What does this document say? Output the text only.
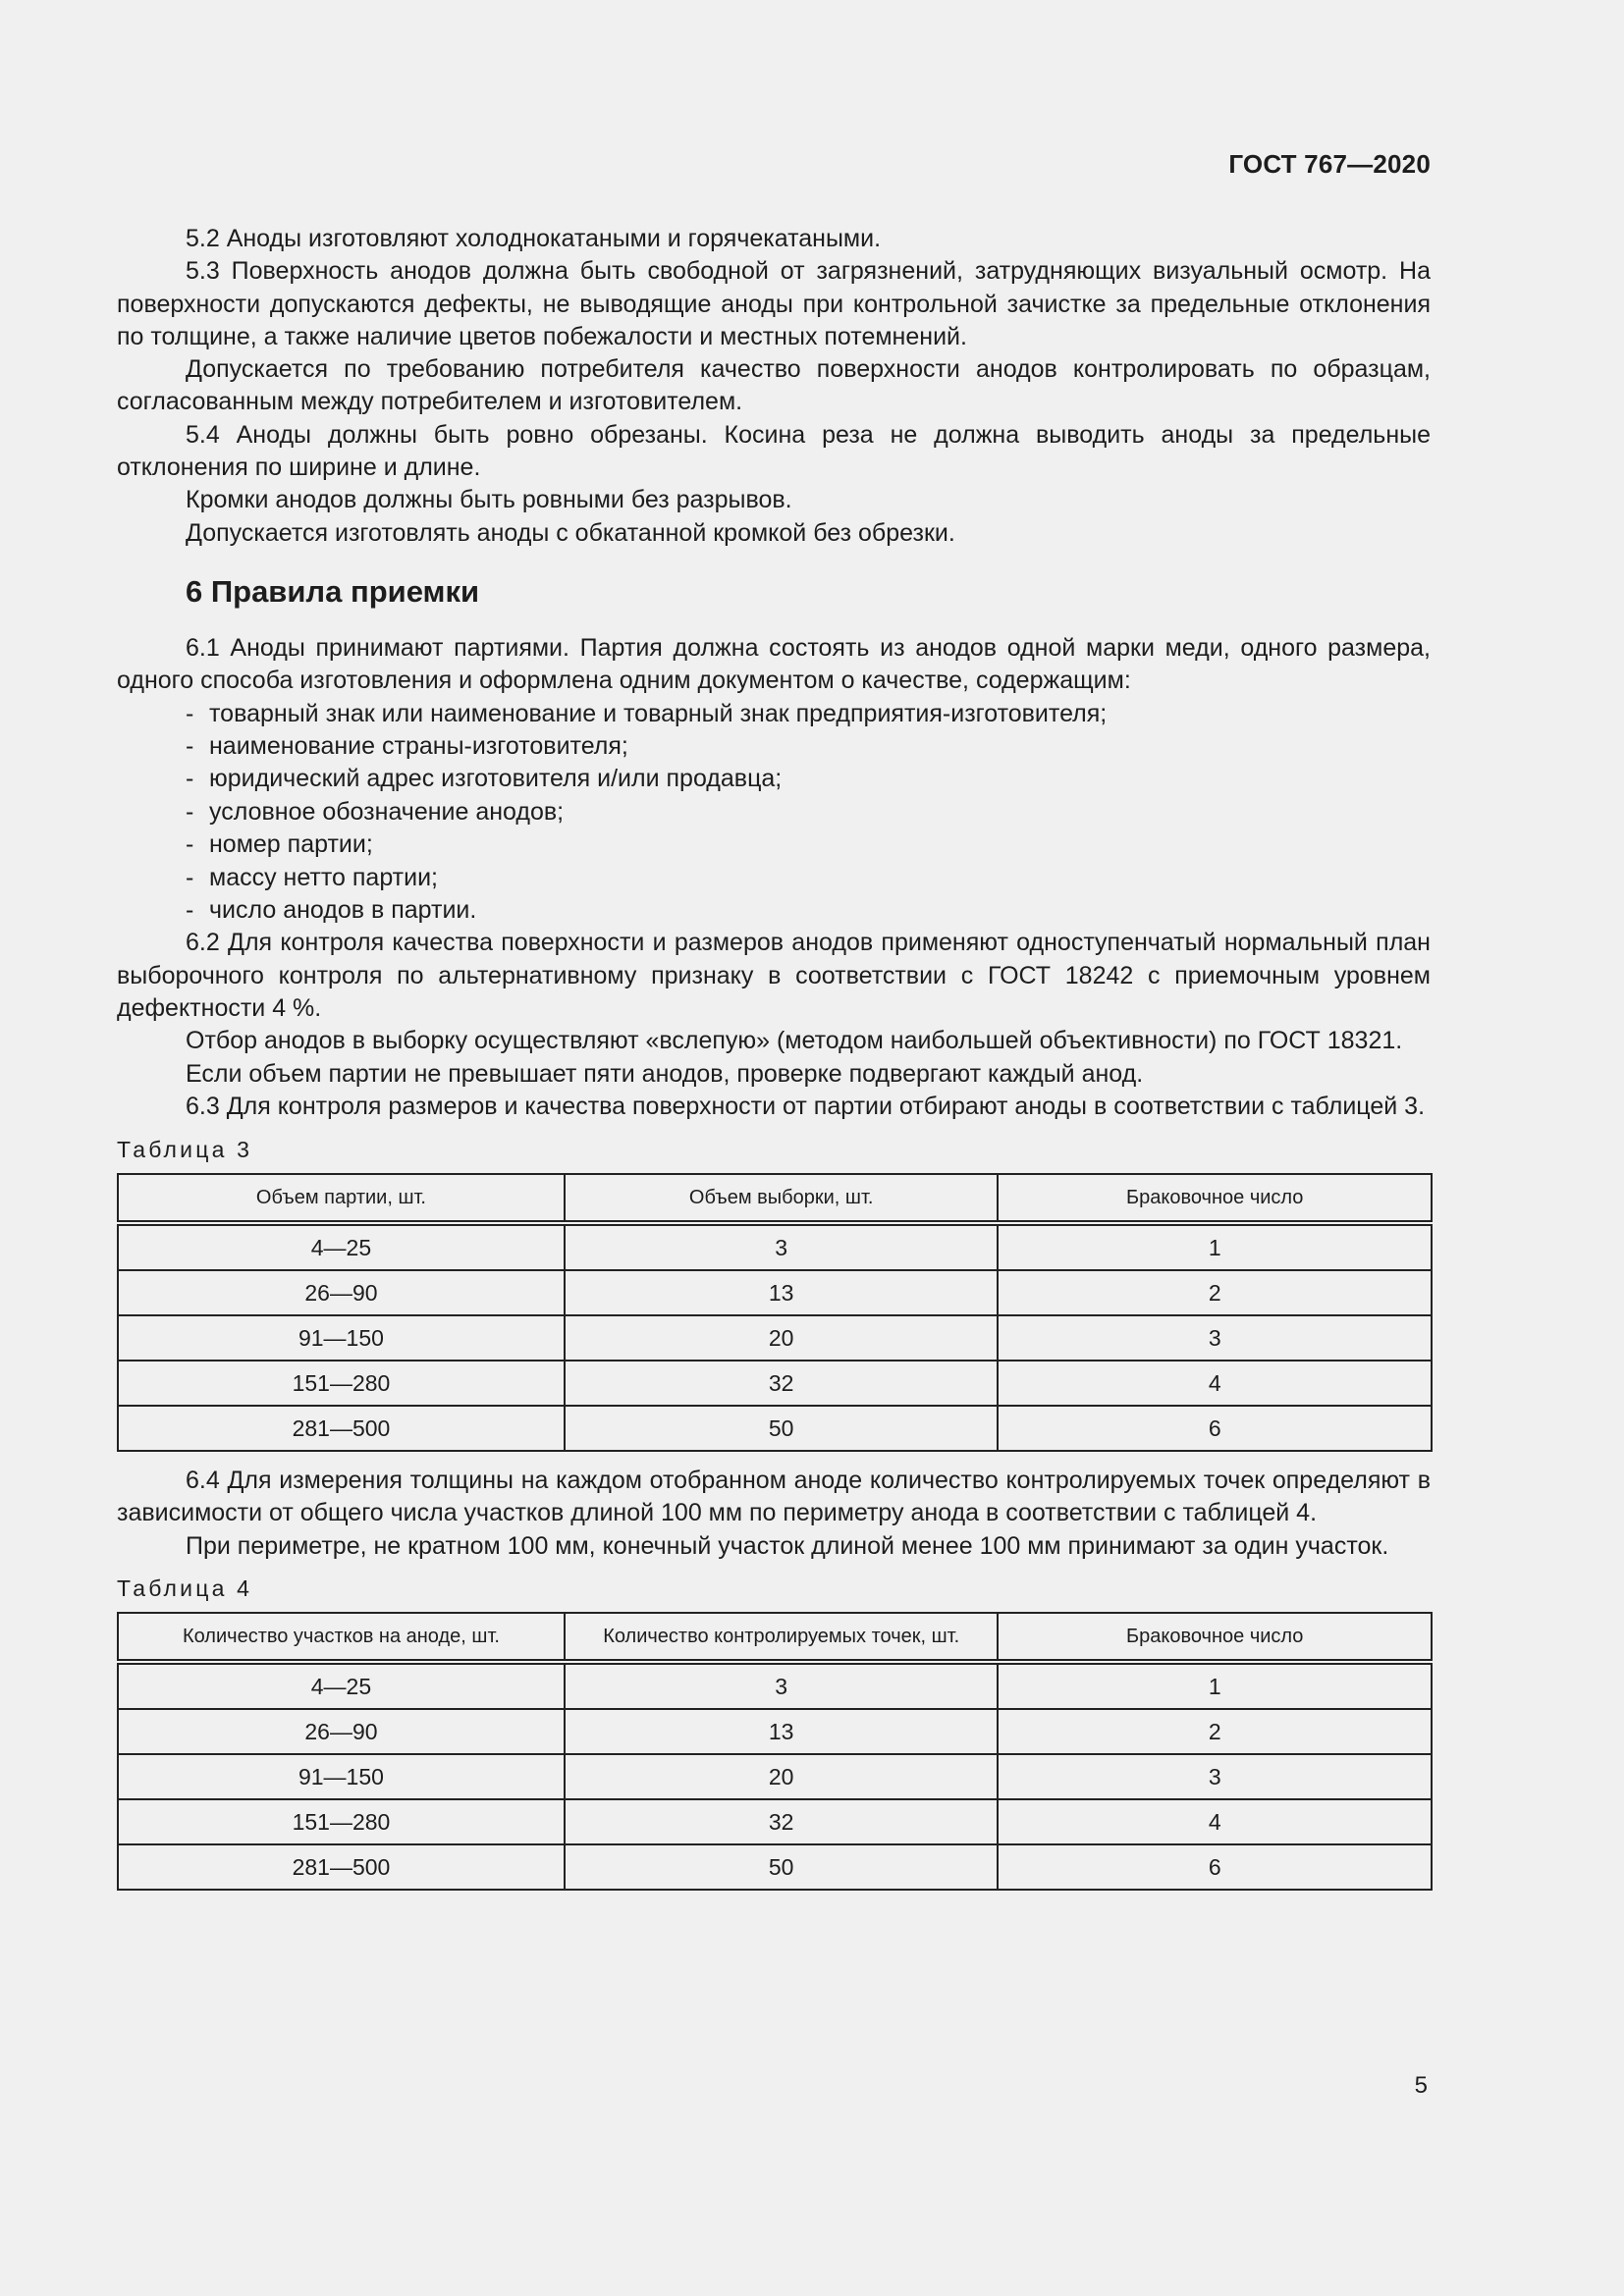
ГОСТ 767—2020

5.2 Аноды изготовляют холоднокатаными и горячекатаными.

5.3 Поверхность анодов должна быть свободной от загрязнений, затрудняющих визуальный осмотр. На поверхности допускаются дефекты, не выводящие аноды при контрольной зачистке за предельные отклонения по толщине, а также наличие цветов побежалости и местных потемнений.

Допускается по требованию потребителя качество поверхности анодов контролировать по образцам, согласованным между потребителем и изготовителем.

5.4 Аноды должны быть ровно обрезаны. Косина реза не должна выводить аноды за предельные отклонения по ширине и длине.

Кромки анодов должны быть ровными без разрывов.

Допускается изготовлять аноды с обкатанной кромкой без обрезки.

6 Правила приемки

6.1 Аноды принимают партиями. Партия должна состоять из анодов одной марки меди, одного размера, одного способа изготовления и оформлена одним документом о качестве, содержащим:

- товарный знак или наименование и товарный знак предприятия-изготовителя;
- наименование страны-изготовителя;
- юридический адрес изготовителя и/или продавца;
- условное обозначение анодов;
- номер партии;
- массу нетто партии;
- число анодов в партии.

6.2 Для контроля качества поверхности и размеров анодов применяют одноступенчатый нормальный план выборочного контроля по альтернативному признаку в соответствии с ГОСТ 18242 с приемочным уровнем дефектности 4 %.

Отбор анодов в выборку осуществляют «вслепую» (методом наибольшей объективности) по ГОСТ 18321.

Если объем партии не превышает пяти анодов, проверке подвергают каждый анод.

6.3 Для контроля размеров и качества поверхности от партии отбирают аноды в соответствии с таблицей 3.

Таблица 3
Объем партии, шт.	Объем выборки, шт.	Браковочное число
4—25	3	1
26—90	13	2
91—150	20	3
151—280	32	4
281—500	50	6

6.4 Для измерения толщины на каждом отобранном аноде количество контролируемых точек определяют в зависимости от общего числа участков длиной 100 мм по периметру анода в соответствии с таблицей 4.

При периметре, не кратном 100 мм, конечный участок длиной менее 100 мм принимают за один участок.

Таблица 4
Количество участков на аноде, шт.	Количество контролируемых точек, шт.	Браковочное число
4—25	3	1
26—90	13	2
91—150	20	3
151—280	32	4
281—500	50	6
5
